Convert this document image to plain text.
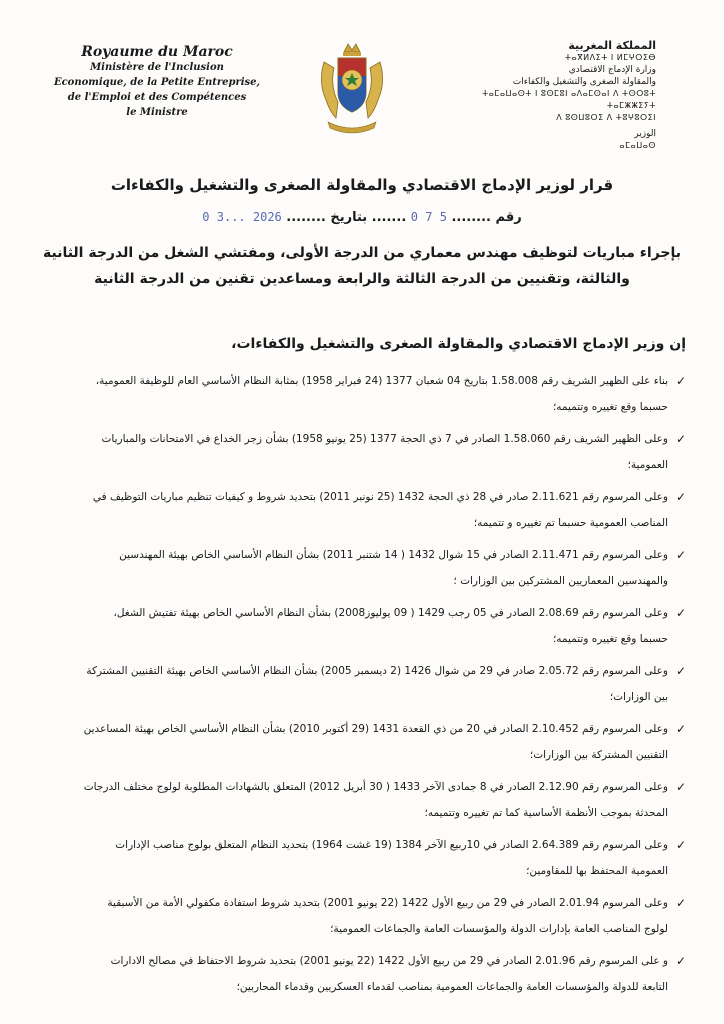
Royaume du Maroc
Ministère de l'Inclusion
Economique, de la Petite Entreprise,
de l'Emploi et des Compétences
le Ministre
المملكة المغربية
ⵜⴰⴳⵍⴷⵉⵜ ⵏ ⵍⵎⵖⵔⵉⴱ
وزارة الإدماج الاقتصادي
والمقاولة الصغرى والتشغيل والكفاءات
ⵜⴰⵎⴰⵡⴰⵙⵜ ⵏ ⵓⵙⵎⵓⵏ ⴰⴷⴰⵎⵙⴰⵏ ⴷ ⵜⵙⵔⵓⵜ ⵜⴰⵎⵥⵥⵉⵢⵜ
ⴷ ⵓⵙⵡⵓⵔⵉ ⴷ ⵜⵓⵖⵓⵔⵉⵏ
الوزير
ⴰⵎⴰⵡⴰⵙ
قرار لوزير الإدماج الاقتصادي والمقاولة الصغرى والتشغيل والكفاءات
رقم ........ 5 7 0 ....... بتاريخ ........ 2026 ...3 0
بإجراء مباريات لتوظيف مهندس معماري من الدرجة الأولى، ومفتشي الشغل من الدرجة الثانية
والثالثة، وتقنيين من الدرجة الثالثة والرابعة ومساعدين تقنين من الدرجة الثانية
إن وزير الإدماج الاقتصادي والمقاولة الصغرى والتشغيل والكفاءات،
✓
بناء على الظهير الشريف رقم 1.58.008 بتاريخ 04 شعبان 1377 (24 فبراير 1958) بمثابة النظام الأساسي العام للوظيفة العمومية،
حسبما وقع تغييره وتتميمه؛
✓
وعلى الظهير الشريف رقم 1.58.060 الصادر في 7 ذي الحجة 1377 (25 يونيو 1958) بشأن زجر الخداع في الامتحانات والمباريات
العمومية؛
✓
وعلى المرسوم رقم 2.11.621 صادر في 28 ذي الحجة 1432 (25 نونبر 2011) بتحديد شروط و كيفيات تنظيم مباريات التوظيف في
المناصب العمومية حسبما تم تغييره و تتميمه؛
✓
وعلى المرسوم رقم 2.11.471 الصادر في 15 شوال 1432 ( 14 شتنبر 2011) بشأن النظام الأساسي الخاص بهيئة المهندسين
والمهندسين المعماريين المشتركين بين الوزارات ؛
✓
وعلى المرسوم رقم 2.08.69 الصادر في 05 رجب 1429 ( 09 يوليوز2008) بشأن النظام الأساسي الخاص بهيئة تفتيش الشغل،
حسبما وقع تغييره وتتميمه؛
✓
وعلى المرسوم رقم 2.05.72 صادر في 29 من شوال 1426 (2 ديسمبر 2005) بشأن النظام الأساسي الخاص بهيئة التقنيين المشتركة
بين الوزارات؛
✓
وعلى المرسوم رقم 2.10.452 الصادر في 20 من ذي القعدة 1431 (29 أكتوبر 2010) بشأن النظام الأساسي الخاص بهيئة المساعدين
التقنيين المشتركة بين الوزارات؛
✓
وعلى المرسوم رقم 2.12.90 الصادر في 8 جمادى الآخر 1433 ( 30 أبريل 2012) المتعلق بالشهادات المطلوبة لولوج مختلف الدرجات
المحدثة بموجب الأنظمة الأساسية كما تم تغييره وتتميمه؛
✓
وعلى المرسوم رقم 2.64.389 الصادر في 10ربيع الآخر 1384 (19 غشت 1964) بتحديد النظام المتعلق بولوج مناصب الإدارات
العمومية المحتفظ بها للمقاومين؛
✓
وعلى المرسوم 2.01.94 الصادر في 29 من ربيع الأول 1422 (22 يونيو 2001) بتحديد شروط استفادة مكفولي الأمة من الأسبقية
لولوج المناصب العامة بإدارات الدولة والمؤسسات العامة والجماعات العمومية؛
✓
و على المرسوم رقم 2.01.96 الصادر في 29 من ربيع الأول 1422 (22 يونيو 2001) بتحديد شروط الاحتفاظ في مصالح الادارات
التابعة للدولة والمؤسسات العامة والجماعات العمومية بمناصب لقدماء العسكريين وقدماء المحاربين؛
